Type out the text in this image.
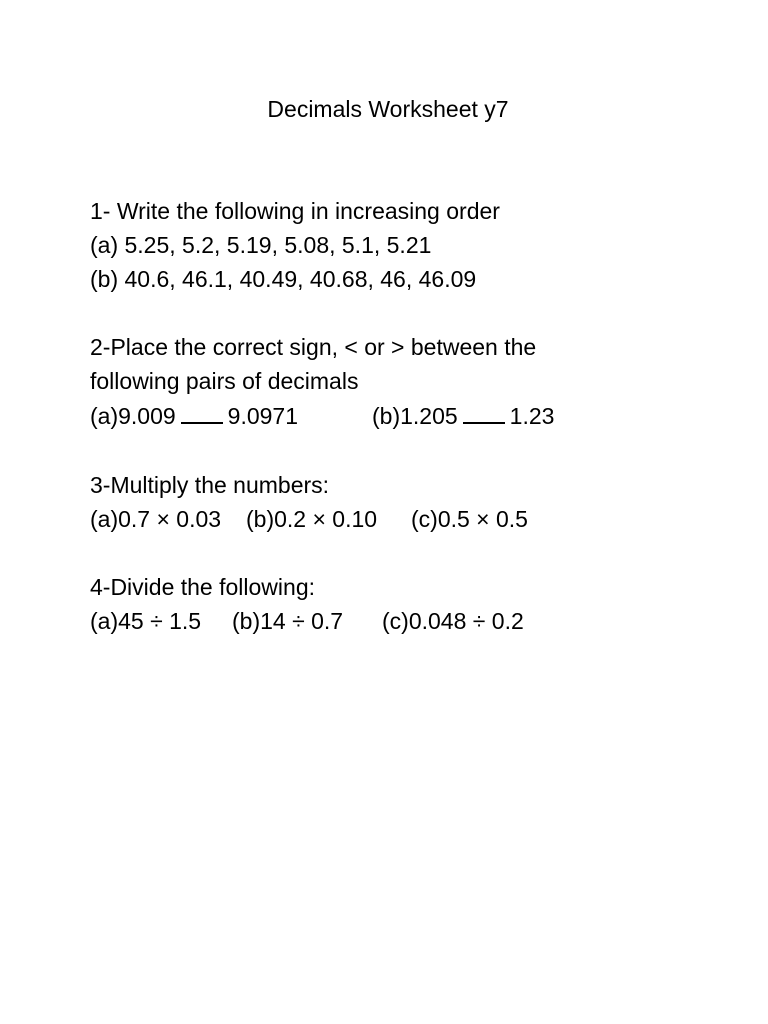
Decimals Worksheet y7
1- Write the following in increasing order
(a) 5.25, 5.2, 5.19, 5.08, 5.1, 5.21
(b) 40.6, 46.1, 40.49, 40.68, 46, 46.09
2-Place the correct sign, < or > between the
following pairs of decimals

(a)9.009 9.0971

	(b)1.205 1.23

3-Multiply the numbers:

(a)0.7 × 0.03

(b)0.2 × 0.10

(c)0.5 × 0.5

4-Divide the following:

(a)45 ÷ 1.5

(b)14 ÷ 0.7

(c)0.048 ÷ 0.2
